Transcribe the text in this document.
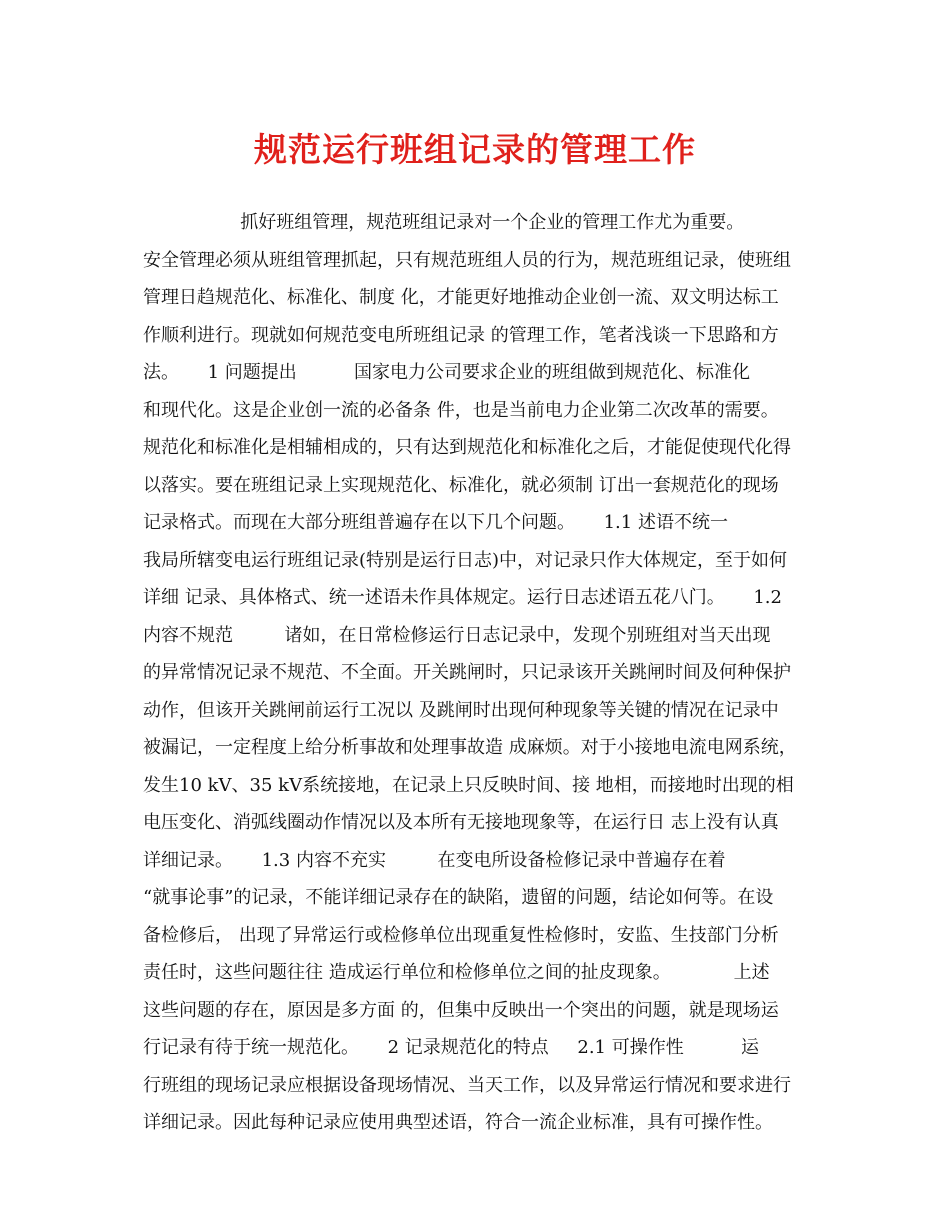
规范运行班组记录的管理工作
抓好班组管理，规范班组记录对一个企业的管理工作尤为重要。
安全管理必须从班组管理抓起，只有规范班组人员的行为，规范班组记录，使班组
管理日趋规范化、标准化、制度 化，才能更好地推动企业创一流、双文明达标工
作顺利进行。现就如何规范变电所班组记录 的管理工作，笔者浅谈一下思路和方
法。     1 问题提出          国家电力公司要求企业的班组做到规范化、标准化
和现代化。这是企业创一流的必备条 件，也是当前电力企业第二次改革的需要。
规范化和标准化是相辅相成的，只有达到规范化和标准化之后，才能促使现代化得
以落实。要在班组记录上实现规范化、标准化，就必须制 订出一套规范化的现场
记录格式。而现在大部分班组普遍存在以下几个问题。     1.1 述语不统一
我局所辖变电运行班组记录(特别是运行日志)中，对记录只作大体规定，至于如何
详细 记录、具体格式、统一述语未作具体规定。运行日志述语五花八门。     1.2
内容不规范         诸如，在日常检修运行日志记录中，发现个别班组对当天出现
的异常情况记录不规范、不全面。开关跳闸时，只记录该开关跳闸时间及何种保护
动作，但该开关跳闸前运行工况以 及跳闸时出现何种现象等关键的情况在记录中
被漏记，一定程度上给分析事故和处理事故造 成麻烦。对于小接地电流电网系统，
发生10 kV、35 kV系统接地，在记录上只反映时间、接 地相，而接地时出现的相
电压变化、消弧线圈动作情况以及本所有无接地现象等，在运行日 志上没有认真
详细记录。     1.3 内容不充实         在变电所设备检修记录中普遍存在着
“就事论事”的记录，不能详细记录存在的缺陷，遗留的问题，结论如何等。在设
备检修后， 出现了异常运行或检修单位出现重复性检修时，安监、生技部门分析
责任时，这些问题往往 造成运行单位和检修单位之间的扯皮现象。           上述
这些问题的存在，原因是多方面 的，但集中反映出一个突出的问题，就是现场运
行记录有待于统一规范化。     2 记录规范化的特点     2.1 可操作性          运
行班组的现场记录应根据设备现场情况、当天工作，以及异常运行情况和要求进行
详细记录。因此每种记录应使用典型述语，符合一流企业标准，具有可操作性。
